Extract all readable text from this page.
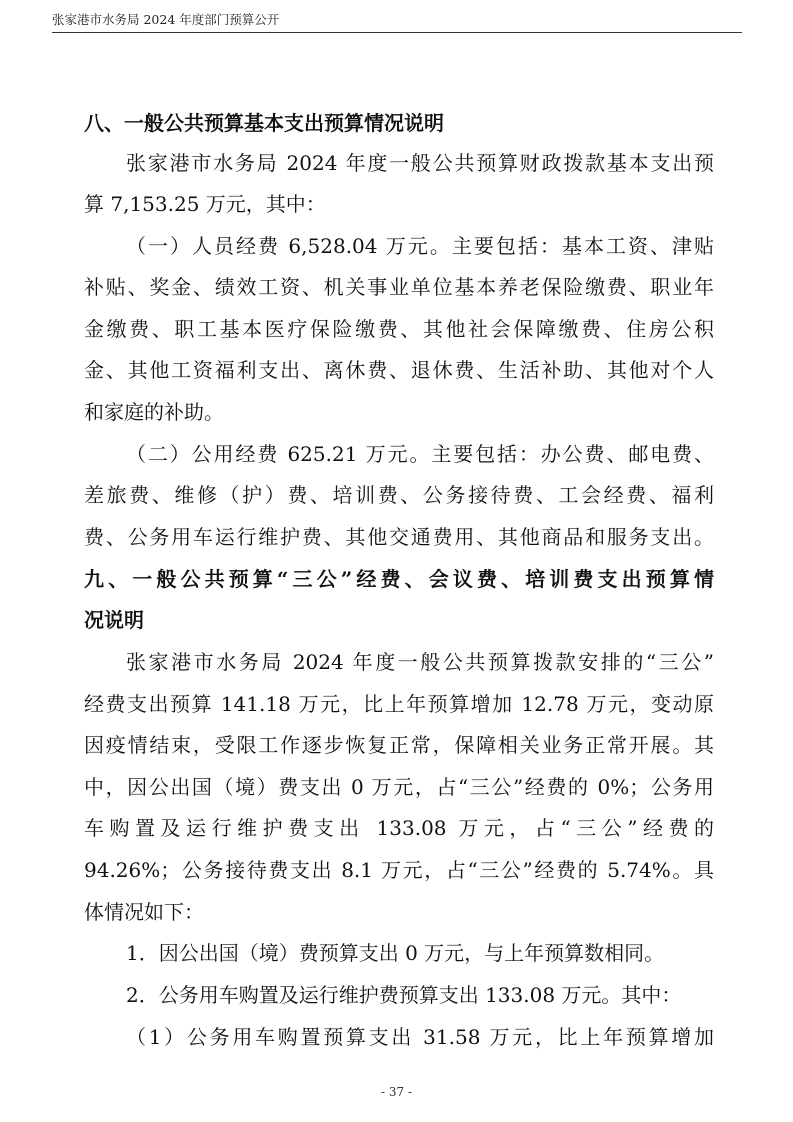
张家港市水务局 2024 年度部门预算公开
八、一般公共预算基本支出预算情况说明
张家港市水务局 2024 年度一般公共预算财政拨款基本支出预
算 7,153.25 万元，其中：
（一）人员经费 6,528.04 万元。主要包括：基本工资、津贴
补贴、奖金、绩效工资、机关事业单位基本养老保险缴费、职业年
金缴费、职工基本医疗保险缴费、其他社会保障缴费、住房公积
金、其他工资福利支出、离休费、退休费、生活补助、其他对个人
和家庭的补助。
（二）公用经费 625.21 万元。主要包括：办公费、邮电费、
差旅费、维修（护）费、培训费、公务接待费、工会经费、福利
费、公务用车运行维护费、其他交通费用、其他商品和服务支出。
九、一般公共预算“三公”经费、会议费、培训费支出预算情
况说明
张家港市水务局 2024 年度一般公共预算拨款安排的“三公”
经费支出预算 141.18 万元，比上年预算增加 12.78 万元，变动原
因疫情结束，受限工作逐步恢复正常，保障相关业务正常开展。其
中，因公出国（境）费支出 0 万元，占“三公”经费的 0%；公务用
车购置及运行维护费支出 133.08 万元，占“三公”经费的
94.26%；公务接待费支出 8.1 万元，占“三公”经费的 5.74%。具
体情况如下：
1．因公出国（境）费预算支出 0 万元，与上年预算数相同。
2．公务用车购置及运行维护费预算支出 133.08 万元。其中：
（1）公务用车购置预算支出 31.58 万元，比上年预算增加
- 37 -
